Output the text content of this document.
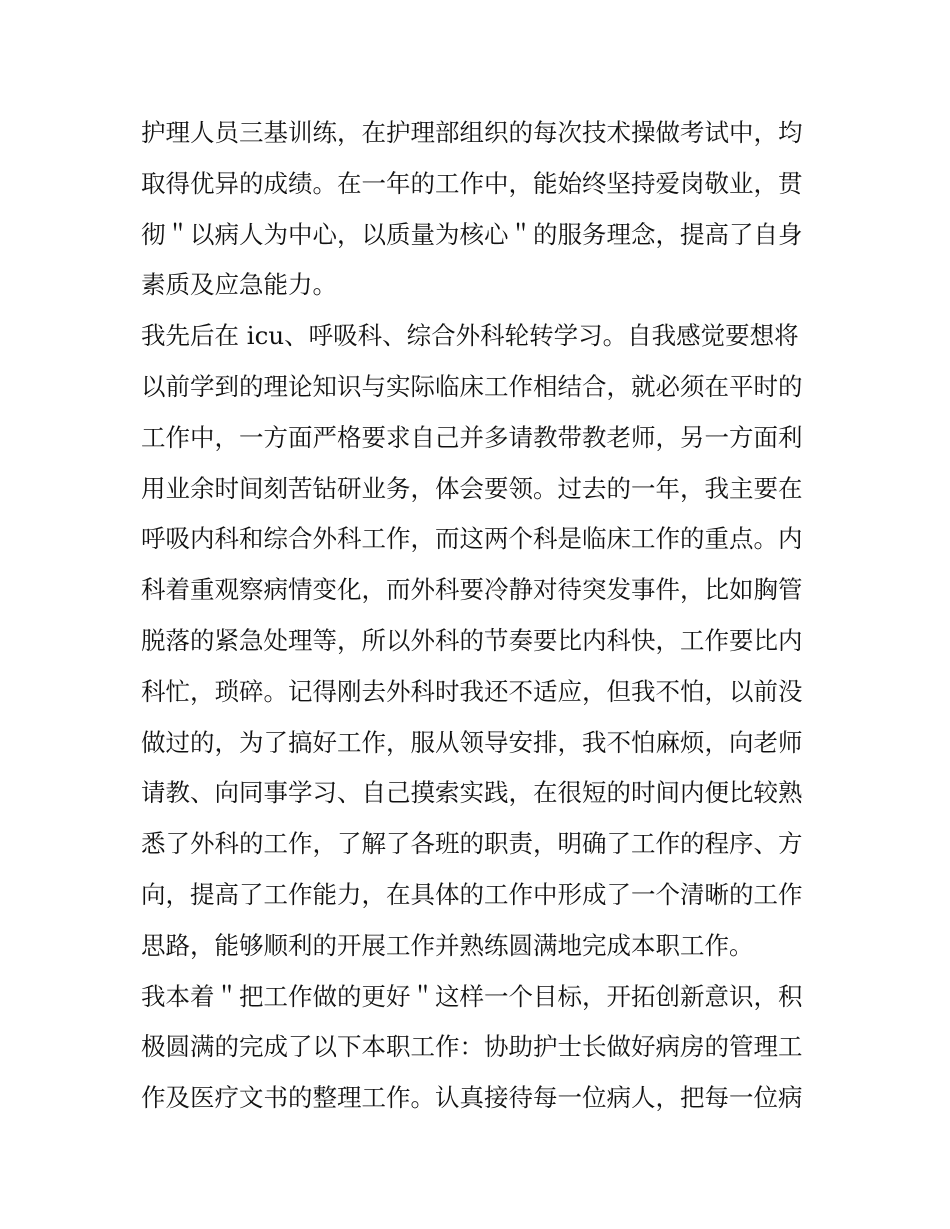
护理人员三基训练，在护理部组织的每次技术操做考试中，均
取得优异的成绩。在一年的工作中，能始终坚持爱岗敬业，贯
彻＂以病人为中心，以质量为核心＂的服务理念，提高了自身
素质及应急能力。
我先后在 icu、呼吸科、综合外科轮转学习。自我感觉要想将
以前学到的理论知识与实际临床工作相结合，就必须在平时的
工作中，一方面严格要求自己并多请教带教老师，另一方面利
用业余时间刻苦钻研业务，体会要领。过去的一年，我主要在
呼吸内科和综合外科工作，而这两个科是临床工作的重点。内
科着重观察病情变化，而外科要冷静对待突发事件，比如胸管
脱落的紧急处理等，所以外科的节奏要比内科快，工作要比内
科忙，琐碎。记得刚去外科时我还不适应，但我不怕，以前没
做过的，为了搞好工作，服从领导安排，我不怕麻烦，向老师
请教、向同事学习、自己摸索实践，在很短的时间内便比较熟
悉了外科的工作，了解了各班的职责，明确了工作的程序、方
向，提高了工作能力，在具体的工作中形成了一个清晰的工作
思路，能够顺利的开展工作并熟练圆满地完成本职工作。
我本着＂把工作做的更好＂这样一个目标，开拓创新意识，积
极圆满的完成了以下本职工作：协助护士长做好病房的管理工
作及医疗文书的整理工作。认真接待每一位病人，把每一位病
